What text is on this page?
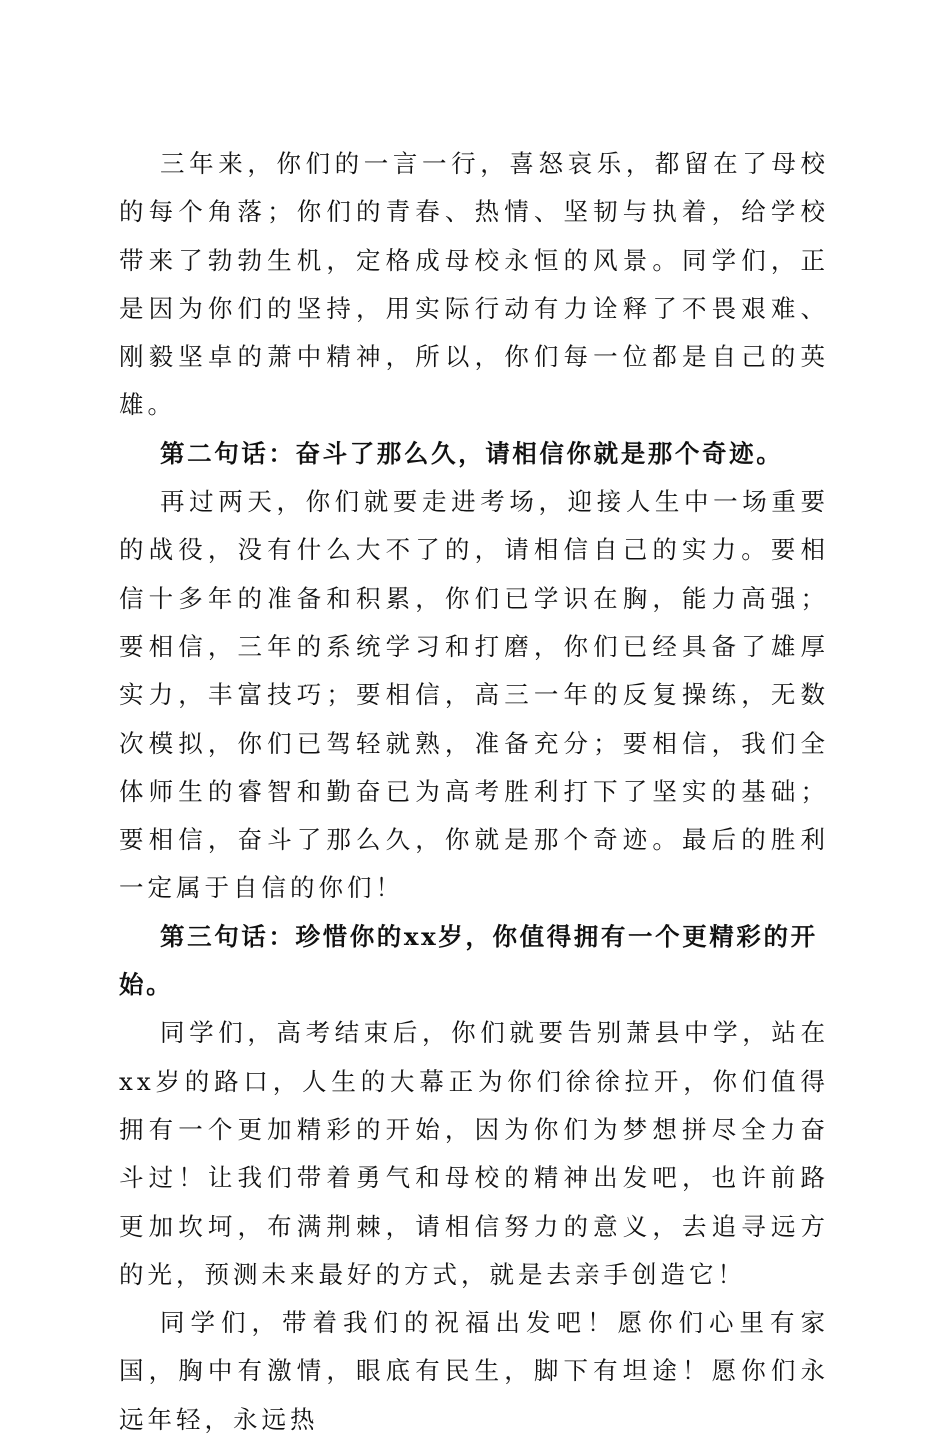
三年来，你们的一言一行，喜怒哀乐，都留在了母校的每个角落；你们的青春、热情、坚韧与执着，给学校带来了勃勃生机，定格成母校永恒的风景。同学们，正是因为你们的坚持，用实际行动有力诠释了不畏艰难、刚毅坚卓的萧中精神，所以，你们每一位都是自己的英雄。

第二句话：奋斗了那么久，请相信你就是那个奇迹。

再过两天，你们就要走进考场，迎接人生中一场重要的战役，没有什么大不了的，请相信自己的实力。要相信十多年的准备和积累，你们已学识在胸，能力高强；要相信，三年的系统学习和打磨，你们已经具备了雄厚实力，丰富技巧；要相信，高三一年的反复操练，无数次模拟，你们已驾轻就熟，准备充分；要相信，我们全体师生的睿智和勤奋已为高考胜利打下了坚实的基础；要相信，奋斗了那么久，你就是那个奇迹。最后的胜利一定属于自信的你们！

第三句话：珍惜你的xx岁，你值得拥有一个更精彩的开始。

同学们，高考结束后，你们就要告别萧县中学，站在xx岁的路口，人生的大幕正为你们徐徐拉开，你们值得拥有一个更加精彩的开始，因为你们为梦想拼尽全力奋斗过！让我们带着勇气和母校的精神出发吧，也许前路更加坎坷，布满荆棘，请相信努力的意义，去追寻远方的光，预测未来最好的方式，就是去亲手创造它！

同学们，带着我们的祝福出发吧！愿你们心里有家国，胸中有激情，眼底有民生，脚下有坦途！愿你们永远年轻，永远热
